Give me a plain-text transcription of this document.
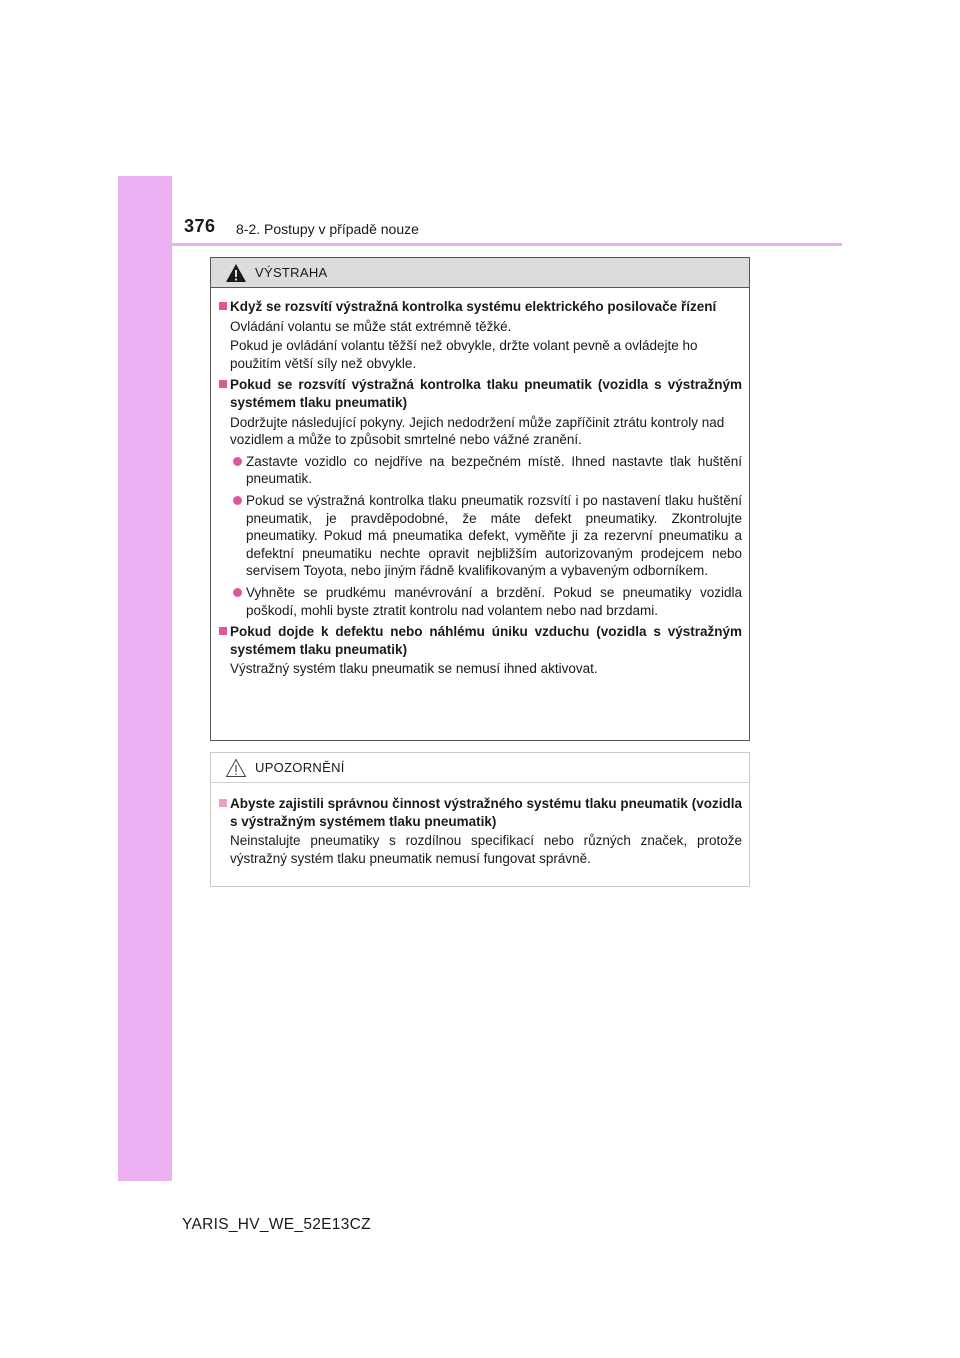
376 8-2. Postupy v případě nouze
VÝSTRAHA
Když se rozsvítí výstražná kontrolka systému elektrického posilovače řízení
Ovládání volantu se může stát extrémně těžké.
Pokud je ovládání volantu těžší než obvykle, držte volant pevně a ovládejte ho použitím větší síly než obvykle.
Pokud se rozsvítí výstražná kontrolka tlaku pneumatik (vozidla s výstražným systémem tlaku pneumatik)
Dodržujte následující pokyny. Jejich nedodržení může zapříčinit ztrátu kontroly nad vozidlem a může to způsobit smrtelné nebo vážné zranění.
Zastavte vozidlo co nejdříve na bezpečném místě. Ihned nastavte tlak huštění pneumatik.
Pokud se výstražná kontrolka tlaku pneumatik rozsvítí i po nastavení tlaku huštění pneumatik, je pravděpodobné, že máte defekt pneumatiky. Zkontrolujte pneumatiky. Pokud má pneumatika defekt, vyměňte ji za rezervní pneumatiku a defektní pneumatiku nechte opravit nejbližším autorizovaným prodejcem nebo servisem Toyota, nebo jiným řádně kvalifikovaným a vybaveným odborníkem.
Vyhněte se prudkému manévrování a brzdění. Pokud se pneumatiky vozidla poškodí, mohli byste ztratit kontrolu nad volantem nebo nad brzdami.
Pokud dojde k defektu nebo náhlému úniku vzduchu (vozidla s výstražným systémem tlaku pneumatik)
Výstražný systém tlaku pneumatik se nemusí ihned aktivovat.
UPOZORNĚNÍ
Abyste zajistili správnou činnost výstražného systému tlaku pneumatik (vozidla s výstražným systémem tlaku pneumatik)
Neinstalujte pneumatiky s rozdílnou specifikací nebo různých značek, protože výstražný systém tlaku pneumatik nemusí fungovat správně.
YARIS_HV_WE_52E13CZ
